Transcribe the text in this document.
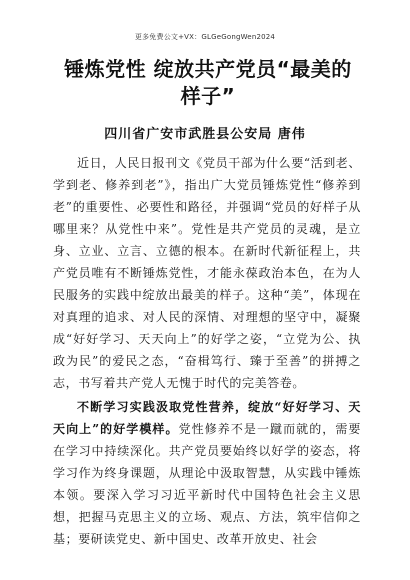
更多免费公文+VX：GLGeGongWen2024
锤炼党性 绽放共产党员“最美的样子”
四川省广安市武胜县公安局 唐伟

近日，人民日报刊文《党员干部为什么要“活到老、学到老、修养到老”》，指出广大党员锤炼党性“修养到老”的重要性、必要性和路径，并强调“党员的好样子从哪里来？从党性中来”。党性是共产党员的灵魂，是立身、立业、立言、立德的根本。在新时代新征程上，共产党员唯有不断锤炼党性，才能永葆政治本色，在为人民服务的实践中绽放出最美的样子。这种“美”，体现在对真理的追求、对人民的深情、对理想的坚守中，凝聚成“好好学习、天天向上”的好学之姿，“立党为公、执政为民”的爱民之态，“奋楫笃行、臻于至善”的拼搏之志，书写着共产党人无愧于时代的完美答卷。

不断学习实践汲取党性营养，绽放“好好学习、天天向上”的好学模样。党性修养不是一蹴而就的，需要在学习中持续深化。共产党员要始终以好学的姿态，将学习作为终身课题，从理论中汲取智慧，从实践中锤炼本领。要深入学习习近平新时代中国特色社会主义思想，把握马克思主义的立场、观点、方法，筑牢信仰之基；要研读党史、新中国史、改革开放史、社会
